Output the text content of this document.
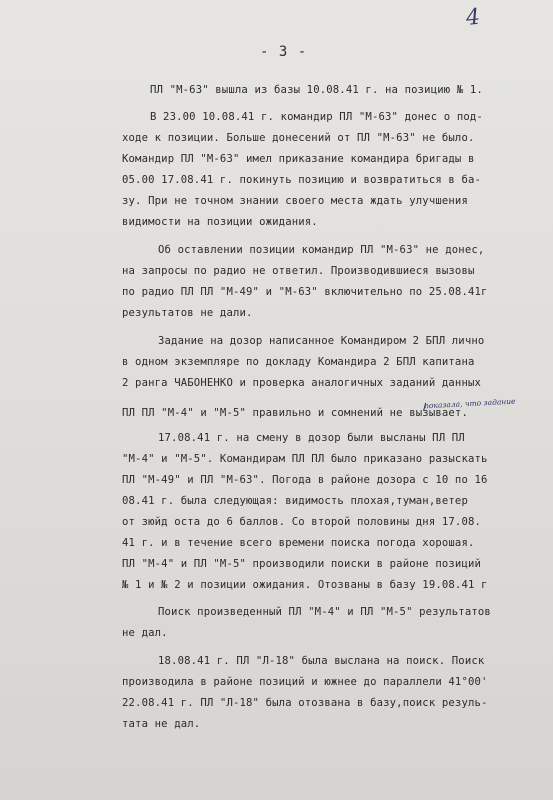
4
- 3 -
ПЛ "М-63" вышла из базы 10.08.41 г. на позицию № 1.
В 23.00 10.08.41 г. командир ПЛ "М-63" донес о под-
ходе к позиции. Больше донесений от ПЛ "М-63" не было.
Командир ПЛ "М-63" имел приказание командира бригады в
05.00 17.08.41 г. покинуть позицию и возвратиться в ба-
зу. При не точном знании своего места ждать улучшения
видимости на позиции ожидания.
Об оставлении позиции командир ПЛ "М-63" не донес,
на запросы по радио не ответил. Производившиеся вызовы
по радио ПЛ ПЛ "М-49" и "М-63" включительно по 25.08.41г
результатов не дали.
Задание на дозор написанное Командиром 2 БПЛ лично
в одном экземпляре по докладу Командира 2 БПЛ капитана
2 ранга ЧАБОНЕНКО и проверка аналогичных заданий данных
ПЛ ПЛ "М-4" и "М-5" правильно и сомнений не вызывает.
показала, что задание
17.08.41 г. на смену в дозор были высланы ПЛ ПЛ
"М-4" и "М-5". Командирам ПЛ ПЛ было приказано разыскать
ПЛ "М-49" и ПЛ "М-63". Погода в районе дозора с 10 по 16
08.41 г. была следующая: видимость плохая,туман,ветер
от зюйд оста до 6 баллов. Со второй половины дня 17.08.
41 г. и в течение всего времени поиска погода хорошая.
ПЛ "М-4" и ПЛ "М-5" производили поиски в районе позиций
№ 1 и № 2 и позиции ожидания. Отозваны в базу 19.08.41 г
Поиск произведенный ПЛ "М-4" и ПЛ "М-5" результатов
не дал.
18.08.41 г. ПЛ "Л-18" была выслана на поиск. Поиск
производила в районе позиций и южнее до параллели 41°00'
22.08.41 г. ПЛ "Л-18" была отозвана в базу,поиск резуль-
тата не дал.
